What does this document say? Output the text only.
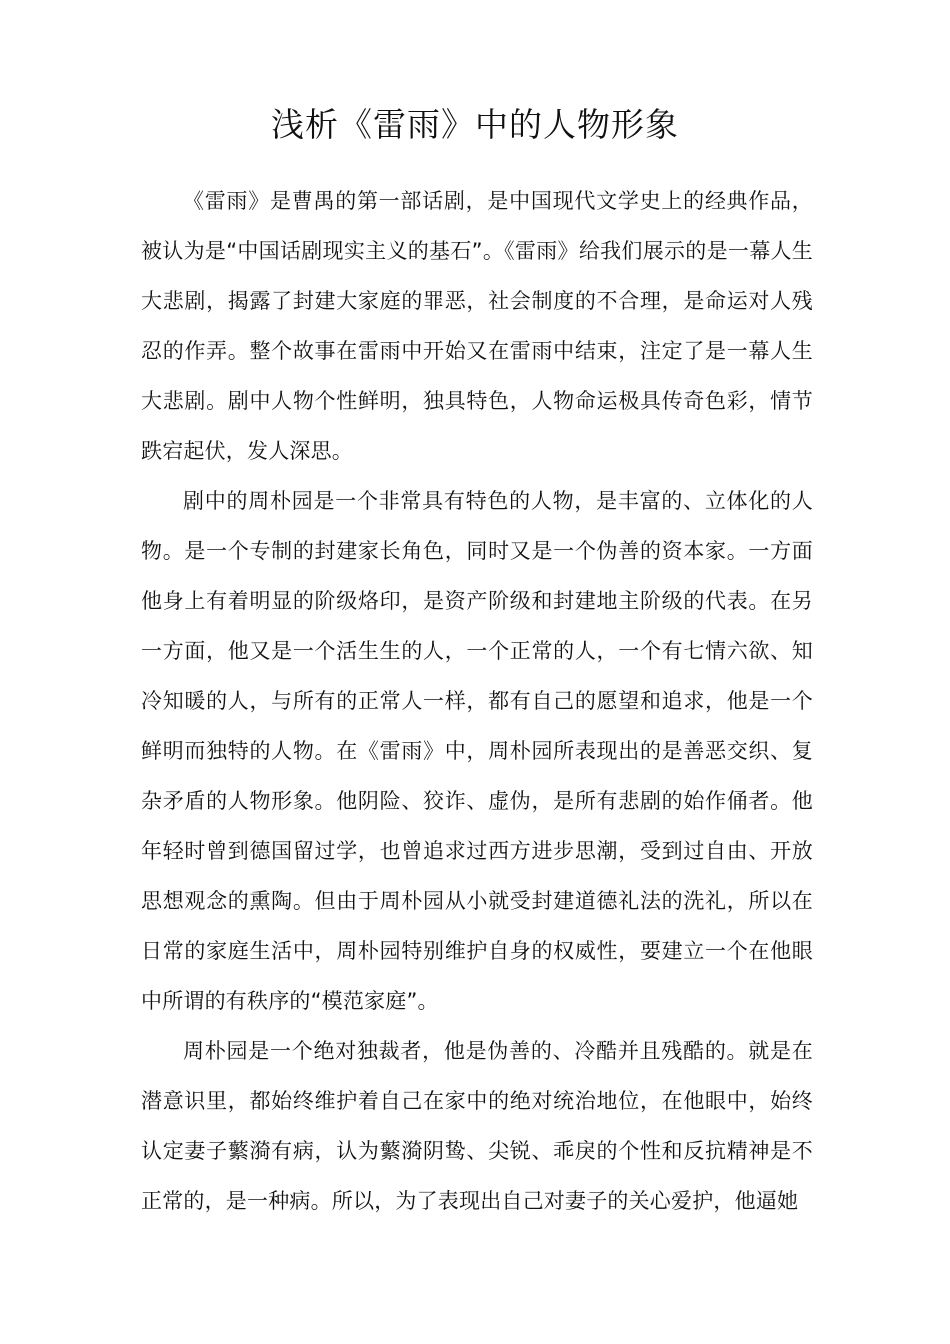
浅析《雷雨》中的人物形象

《雷雨》是曹禺的第一部话剧，是中国现代文学史上的经典作品，被认为是“中国话剧现实主义的基石”。《雷雨》给我们展示的是一幕人生大悲剧，揭露了封建大家庭的罪恶，社会制度的不合理，是命运对人残忍的作弄。整个故事在雷雨中开始又在雷雨中结束，注定了是一幕人生大悲剧。剧中人物个性鲜明，独具特色，人物命运极具传奇色彩，情节跌宕起伏，发人深思。

剧中的周朴园是一个非常具有特色的人物，是丰富的、立体化的人物。是一个专制的封建家长角色，同时又是一个伪善的资本家。一方面他身上有着明显的阶级烙印，是资产阶级和封建地主阶级的代表。在另一方面，他又是一个活生生的人，一个正常的人，一个有七情六欲、知冷知暖的人，与所有的正常人一样，都有自己的愿望和追求，他是一个鲜明而独特的人物。在《雷雨》中，周朴园所表现出的是善恶交织、复杂矛盾的人物形象。他阴险、狡诈、虚伪，是所有悲剧的始作俑者。他年轻时曾到德国留过学，也曾追求过西方进步思潮，受到过自由、开放思想观念的熏陶。但由于周朴园从小就受封建道德礼法的洗礼，所以在日常的家庭生活中，周朴园特别维护自身的权威性，要建立一个在他眼中所谓的有秩序的“模范家庭”。

周朴园是一个绝对独裁者，他是伪善的、冷酷并且残酷的。就是在潜意识里，都始终维护着自己在家中的绝对统治地位，在他眼中，始终认定妻子蘩漪有病，认为蘩漪阴鸷、尖锐、乖戾的个性和反抗精神是不正常的，是一种病。所以，为了表现出自己对妻子的关心爱护，他逼她
